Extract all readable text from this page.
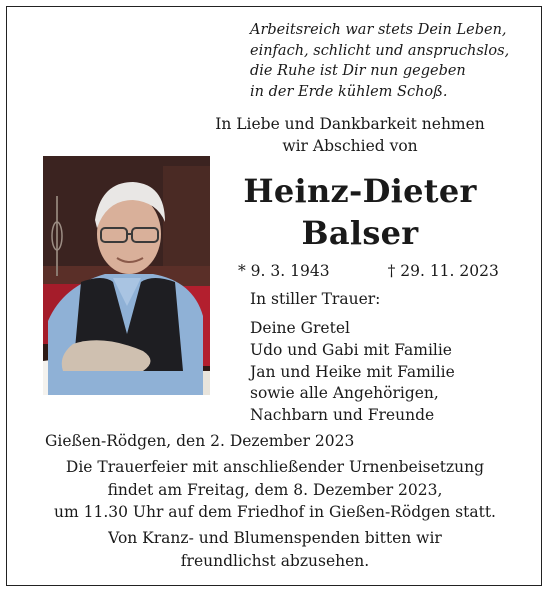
Arbeitsreich war stets Dein Leben,
einfach, schlicht und anspruchslos,
die Ruhe ist Dir nun gegeben
in der Erde kühlem Schoß.
In Liebe und Dankbarkeit nehmen
wir Abschied von
Heinz-Dieter
Balser
* 9. 3. 1943	† 29. 11. 2023
In stiller Trauer:
Deine Gretel
Udo und Gabi mit Familie
Jan und Heike mit Familie
sowie alle Angehörigen,
Nachbarn und Freunde
Gießen-Rödgen, den 2. Dezember 2023
Die Trauerfeier mit anschließender Urnenbeisetzung
findet am Freitag, dem 8. Dezember 2023,
um 11.30 Uhr auf dem Friedhof in Gießen-Rödgen statt.
Von Kranz- und Blumenspenden bitten wir
freundlichst abzusehen.
